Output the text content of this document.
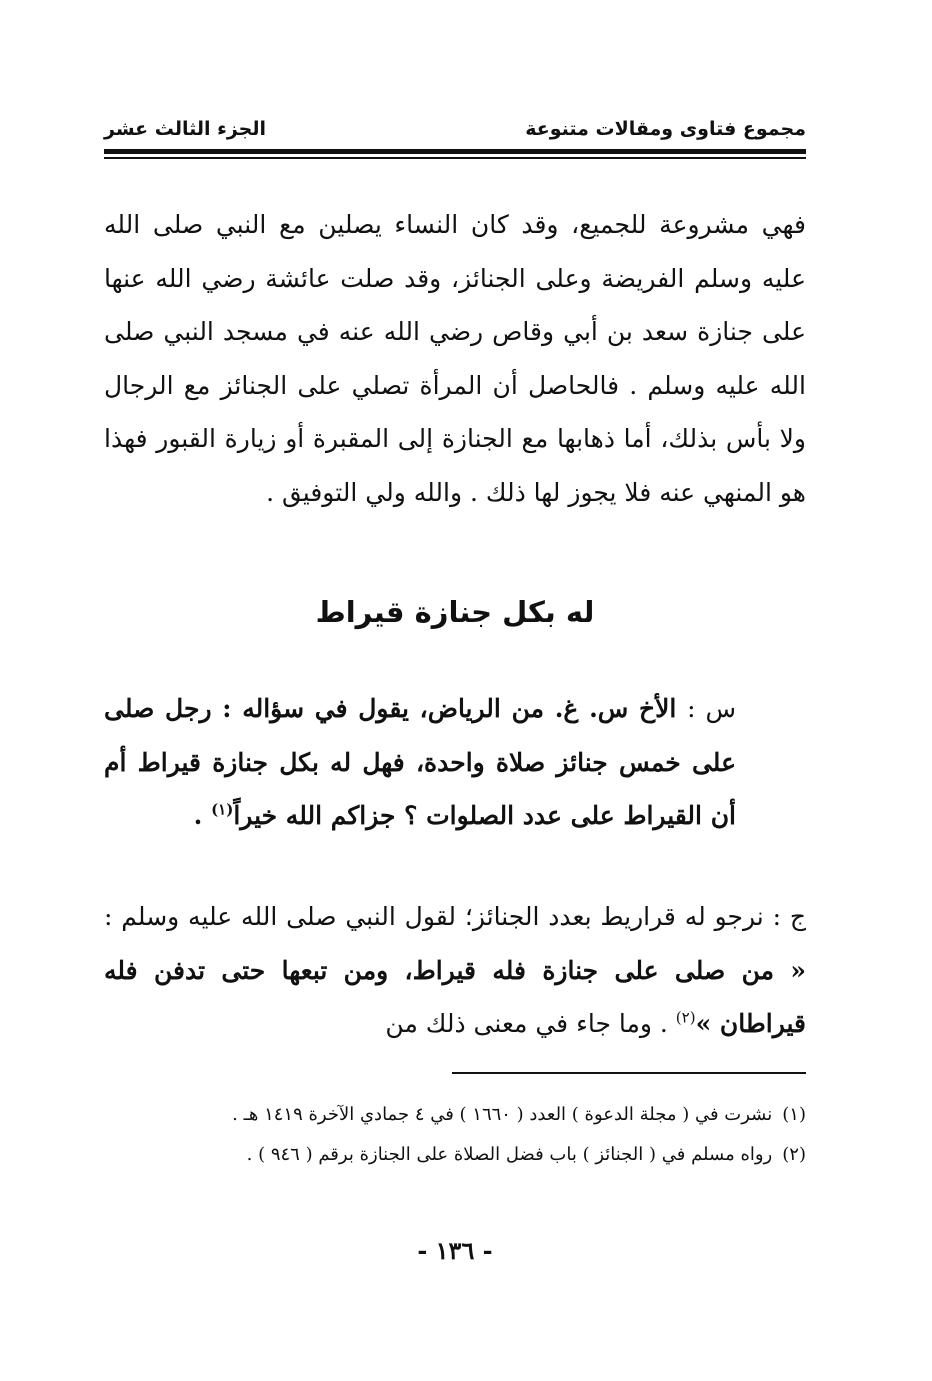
مجموع فتاوى ومقالات متنوعة
الجزء الثالث عشر

فهي مشروعة للجميع، وقد كان النساء يصلين مع النبي صلى الله عليه وسلم الفريضة وعلى الجنائز، وقد صلت عائشة رضي الله عنها على جنازة سعد بن أبي وقاص رضي الله عنه في مسجد النبي صلى الله عليه وسلم . فالحاصل أن المرأة تصلي على الجنائز مع الرجال ولا بأس بذلك، أما ذهابها مع الجنازة إلى المقبرة أو زيارة القبور فهذا هو المنهي عنه فلا يجوز لها ذلك . والله ولي التوفيق .

له بكل جنازة قيراط

س : الأخ س. غ. من الرياض، يقول في سؤاله : رجل صلى على خمس جنائز صلاة واحدة، فهل له بكل جنازة قيراط أم أن القيراط على عدد الصلوات ؟ جزاكم الله خيراً$^{(١)}$ .

ج : نرجو له قراريط بعدد الجنائز؛ لقول النبي صلى الله عليه وسلم : « من صلى على جنازة فله قيراط، ومن تبعها حتى تدفن فله قيراطان »$^{(٢)}$ . وما جاء في معنى ذلك من

(١)نشرت في ( مجلة الدعوة ) العدد ( ١٦٦٠ ) في ٤ جمادي الآخرة ١٤١٩ هـ .

(٢)رواه مسلم في ( الجنائز ) باب فضل الصلاة على الجنازة برقم ( ٩٤٦ ) .

- ١٣٦ -
